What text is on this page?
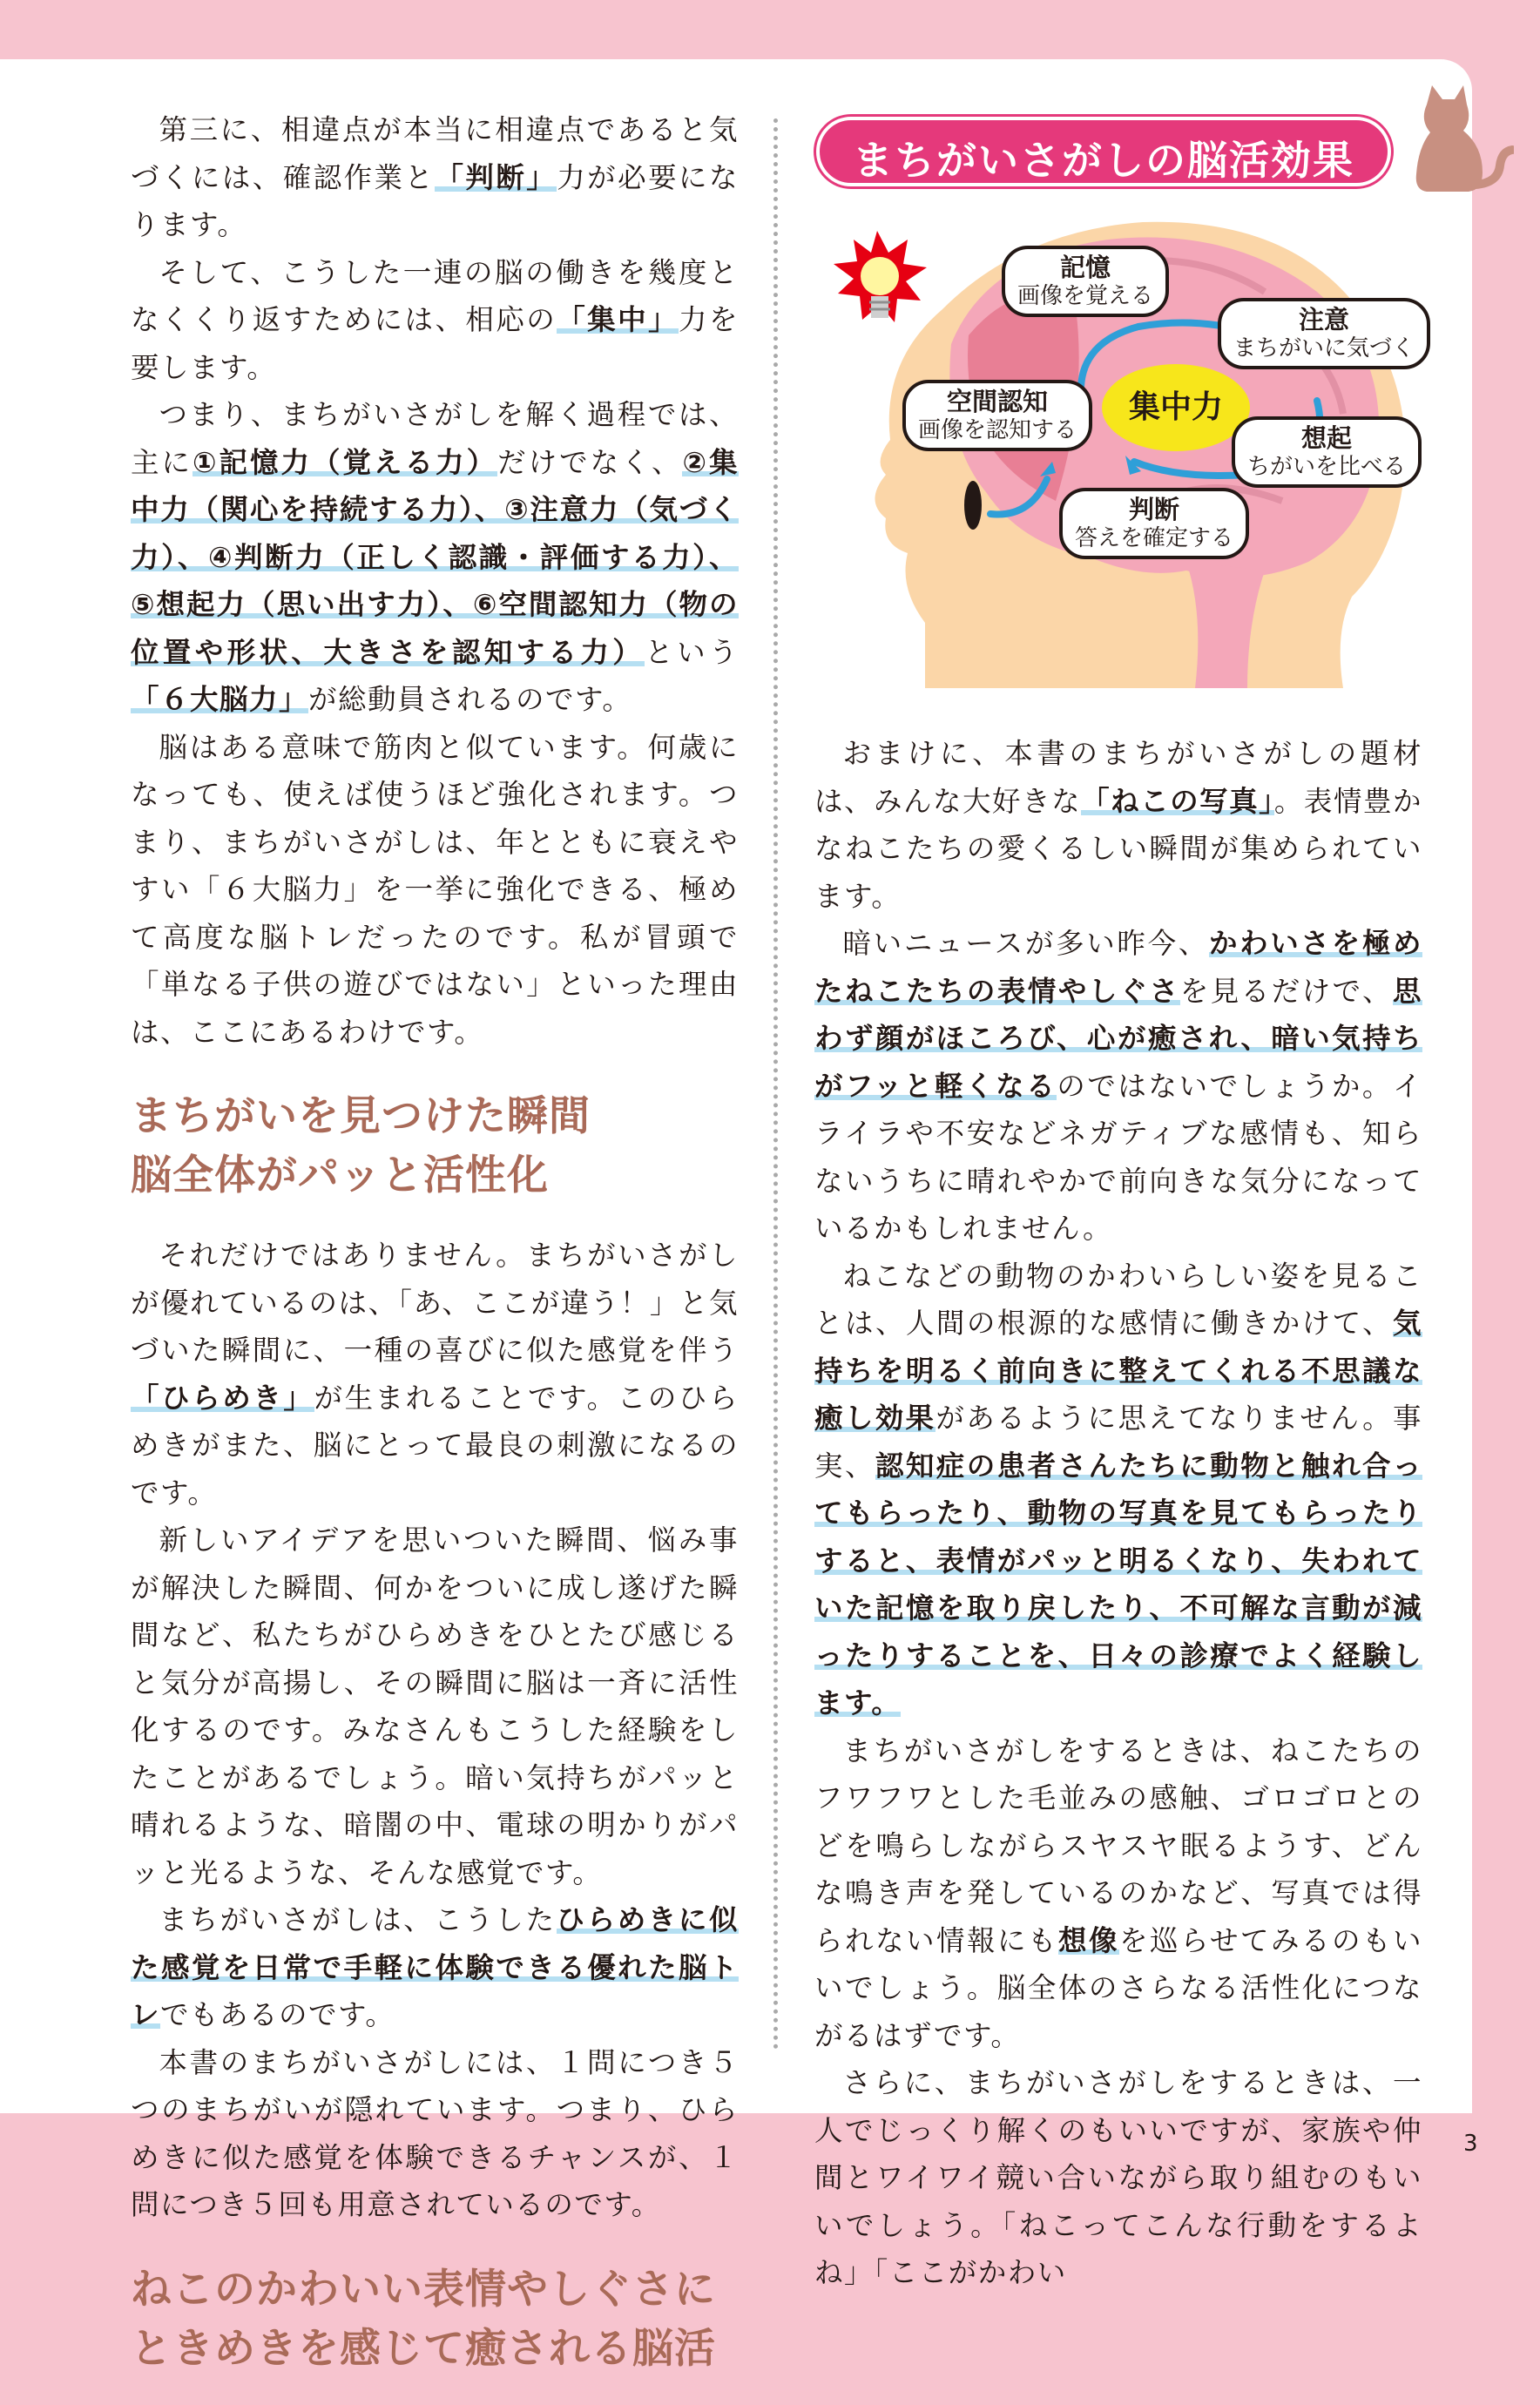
第三に、相違点が本当に相違点であると気づくには、確認作業と「判断」力が必要になります。

そして、こうした一連の脳の働きを幾度となくくり返すためには、相応の「集中」力を要します。

つまり、まちがいさがしを解く過程では、主に①記憶力（覚える力）だけでなく、②集中力（関心を持続する力）、③注意力（気づく力）、④判断力（正しく認識・評価する力）、⑤想起力（思い出す力）、⑥空間認知力（物の位置や形状、大きさを認知する力）という「６大脳力」が総動員されるのです。

脳はある意味で筋肉と似ています。何歳になっても、使えば使うほど強化されます。つまり、まちがいさがしは、年とともに衰えやすい「６大脳力」を一挙に強化できる、極めて高度な脳トレだったのです。私が冒頭で「単なる子供の遊びではない」といった理由は、ここにあるわけです。

まちがいを見つけた瞬間
脳全体がパッと活性化

それだけではありません。まちがいさがしが優れているのは、「あ、ここが違う！」と気づいた瞬間に、一種の喜びに似た感覚を伴う「ひらめき」が生まれることです。このひらめきがまた、脳にとって最良の刺激になるのです。

新しいアイデアを思いついた瞬間、悩み事が解決した瞬間、何かをついに成し遂げた瞬間など、私たちがひらめきをひとたび感じると気分が高揚し、その瞬間に脳は一斉に活性化するのです。みなさんもこうした経験をしたことがあるでしょう。暗い気持ちがパッと晴れるような、暗闇の中、電球の明かりがパッと光るような、そんな感覚です。

まちがいさがしは、こうしたひらめきに似た感覚を日常で手軽に体験できる優れた脳トレでもあるのです。

本書のまちがいさがしには、１問につき５つのまちがいが隠れています。つまり、ひらめきに似た感覚を体験できるチャンスが、１問につき５回も用意されているのです。

ねこのかわいい表情やしぐさに
ときめきを感じて癒される脳活
まちがいさがしの脳活効果
集中力
記憶
画像を覚える
注意
まちがいに気づく
空間認知
画像を認知する	想起
ちがいを比べる
判断
答えを確定する

おまけに、本書のまちがいさがしの題材は、みんな大好きな「ねこの写真」。表情豊かなねこたちの愛くるしい瞬間が集められています。

暗いニュースが多い昨今、かわいさを極めたねこたちの表情やしぐさを見るだけで、思わず顔がほころび、心が癒され、暗い気持ちがフッと軽くなるのではないでしょうか。イライラや不安などネガティブな感情も、知らないうちに晴れやかで前向きな気分になっているかもしれません。

ねこなどの動物のかわいらしい姿を見ることは、人間の根源的な感情に働きかけて、気持ちを明るく前向きに整えてくれる不思議な癒し効果があるように思えてなりません。事実、認知症の患者さんたちに動物と触れ合ってもらったり、動物の写真を見てもらったりすると、表情がパッと明るくなり、失われていた記憶を取り戻したり、不可解な言動が減ったりすることを、日々の診療でよく経験します。

まちがいさがしをするときは、ねこたちのフワフワとした毛並みの感触、ゴロゴロとのどを鳴らしながらスヤスヤ眠るようす、どんな鳴き声を発しているのかなど、写真では得られない情報にも想像を巡らせてみるのもいいでしょう。脳全体のさらなる活性化につながるはずです。

さらに、まちがいさがしをするときは、一人でじっくり解くのもいいですが、家族や仲間とワイワイ競い合いながら取り組むのもいいでしょう。「ねこってこんな行動をするよね」「ここがかわい

3
